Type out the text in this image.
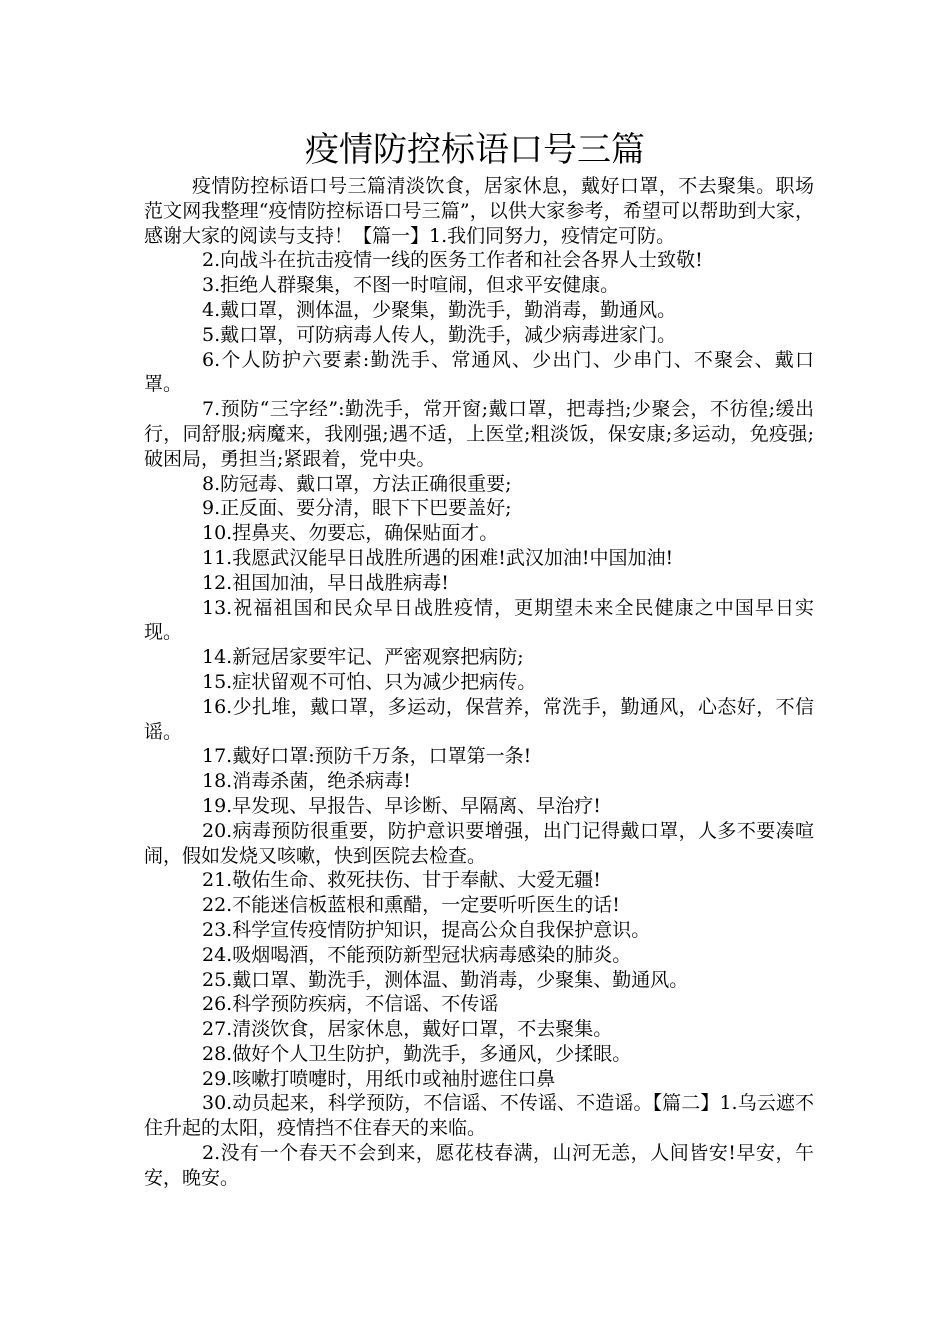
疫情防控标语口号三篇

疫情防控标语口号三篇清淡饮食，居家休息，戴好口罩，不去聚集。职场范文网我整理“疫情防控标语口号三篇”，以供大家参考，希望可以帮助到大家，感谢大家的阅读与支持！【篇一】1.我们同努力，疫情定可防。

2.向战斗在抗击疫情一线的医务工作者和社会各界人士致敬!

3.拒绝人群聚集，不图一时喧闹，但求平安健康。

4.戴口罩，测体温，少聚集，勤洗手，勤消毒，勤通风。

5.戴口罩，可防病毒人传人，勤洗手，减少病毒进家门。

6.个人防护六要素:勤洗手、常通风、少出门、少串门、不聚会、戴口罩。

7.预防“三字经”:勤洗手，常开窗;戴口罩，把毒挡;少聚会，不彷徨;缓出行，同舒服;病魔来，我刚强;遇不适，上医堂;粗淡饭，保安康;多运动，免疫强;破困局，勇担当;紧跟着，党中央。

8.防冠毒、戴口罩，方法正确很重要;

9.正反面、要分清，眼下下巴要盖好;

10.捏鼻夹、勿要忘，确保贴面才。

11.我愿武汉能早日战胜所遇的困难!武汉加油!中国加油!

12.祖国加油，早日战胜病毒!

13.祝福祖国和民众早日战胜疫情，更期望未来全民健康之中国早日实现。

14.新冠居家要牢记、严密观察把病防;

15.症状留观不可怕、只为减少把病传。

16.少扎堆，戴口罩，多运动，保营养，常洗手，勤通风，心态好，不信谣。

17.戴好口罩:预防千万条，口罩第一条!

18.消毒杀菌，绝杀病毒!

19.早发现、早报告、早诊断、早隔离、早治疗!

20.病毒预防很重要，防护意识要增强，出门记得戴口罩，人多不要凑喧闹，假如发烧又咳嗽，快到医院去检查。

21.敬佑生命、救死扶伤、甘于奉献、大爱无疆!

22.不能迷信板蓝根和熏醋，一定要听听医生的话!

23.科学宣传疫情防护知识，提高公众自我保护意识。

24.吸烟喝酒，不能预防新型冠状病毒感染的肺炎。

25.戴口罩、勤洗手，测体温、勤消毒，少聚集、勤通风。

26.科学预防疾病，不信谣、不传谣

27.清淡饮食，居家休息，戴好口罩，不去聚集。

28.做好个人卫生防护，勤洗手，多通风，少揉眼。

29.咳嗽打喷嚏时，用纸巾或袖肘遮住口鼻

30.动员起来，科学预防，不信谣、不传谣、不造谣。【篇二】1.乌云遮不住升起的太阳，疫情挡不住春天的来临。

2.没有一个春天不会到来，愿花枝春满，山河无恙，人间皆安!早安，午安，晚安。
